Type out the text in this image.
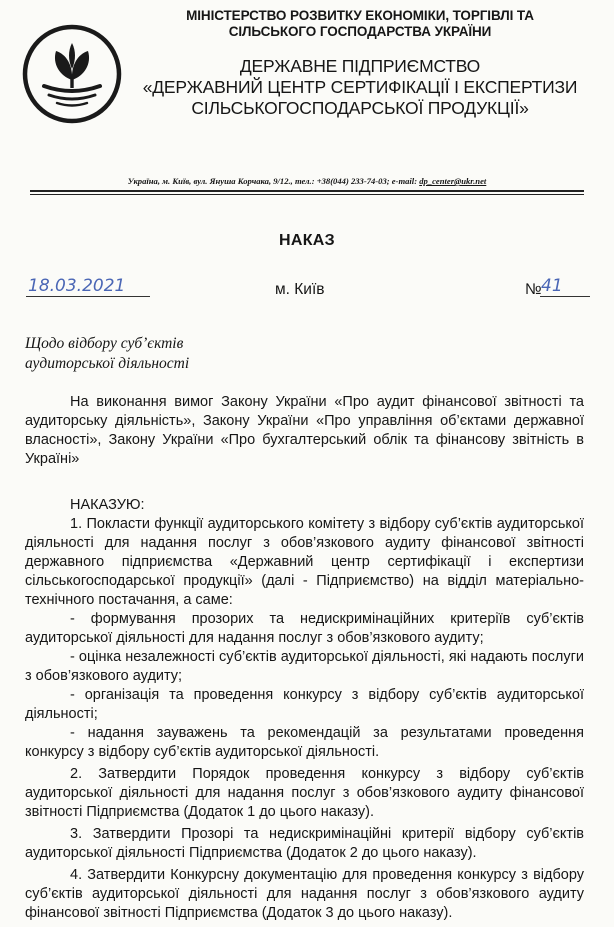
МІНІСТЕРСТВО РОЗВИТКУ ЕКОНОМІКИ, ТОРГІВЛІ ТА
СІЛЬСЬКОГО ГОСПОДАРСТВА УКРАЇНИ
ДЕРЖАВНЕ ПІДПРИЄМСТВО
«ДЕРЖАВНИЙ ЦЕНТР СЕРТИФІКАЦІЇ І ЕКСПЕРТИЗИ
СІЛЬСЬКОГОСПОДАРСЬКОЇ ПРОДУКЦІЇ»
Україна, м. Київ, вул. Януша Корчака, 9/12., тел.: +38(044) 233-74-03; e-mail: dp_center@ukr.net
НАКАЗ
18.03.2021	м. Київ	№ 41
Щодо відбору суб’єктів
аудиторської діяльності

На виконання вимог Закону України «Про аудит фінансової звітності та аудиторську діяльність», Закону України «Про управління об’єктами державної власності», Закону України «Про бухгалтерський облік та фінансову звітність в Україні»

НАКАЗУЮ:

1. Покласти функції аудиторського комітету з відбору суб’єктів аудиторської діяльності для надання послуг з обов’язкового аудиту фінансової звітності державного підприємства «Державний центр сертифікації і експертизи сільськогосподарської продукції» (далі - Підприємство) на відділ матеріально-технічного постачання, а саме:

- формування прозорих та недискримінаційних критеріїв суб’єктів аудиторської діяльності для надання послуг з обов’язкового аудиту;

- оцінка незалежності суб’єктів аудиторської діяльності, які надають послуги з обов’язкового аудиту;

- організація та проведення конкурсу з відбору суб’єктів аудиторської діяльності;

- надання зауважень та рекомендацій за результатами проведення конкурсу з відбору суб’єктів аудиторської діяльності.

2. Затвердити Порядок проведення конкурсу з відбору суб’єктів аудиторської діяльності для надання послуг з обов’язкового аудиту фінансової звітності Підприємства (Додаток 1 до цього наказу).

3. Затвердити Прозорі та недискримінаційні критерії відбору суб’єктів аудиторської діяльності Підприємства (Додаток 2 до цього наказу).

4. Затвердити Конкурсну документацію для проведення конкурсу з відбору суб’єктів аудиторської діяльності для надання послуг з обов’язкового аудиту фінансової звітності Підприємства (Додаток 3 до цього наказу).
